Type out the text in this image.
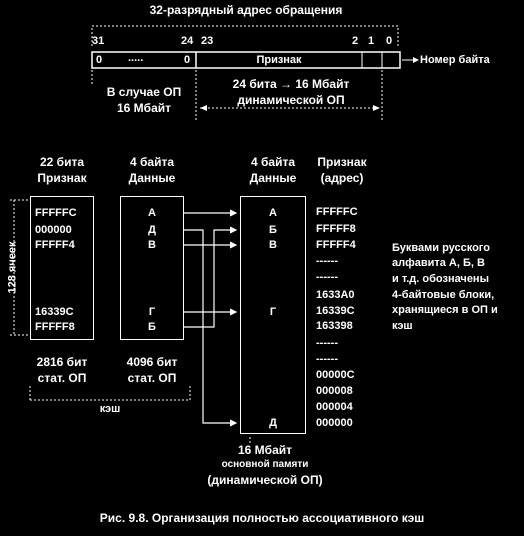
32-разрядный адрес обращения
31	24 23	2 1 0
0 .....	0	Признак	Номер байта
В случае ОП
16 Мбайт
24 бита → 16 Мбайт
динамической ОП
22 бита
Признак
4 байта
Данные
FFFFFC
000000
FFFFF4
16339C
FFFFF8
А
Д
В
Г
Б
128 ячеек
2816 бит
стат. ОП
4096 бит
стат. ОП
кэш
4 байта
Данные
Признак
(адрес)
А
Б
В
Г
Д
FFFFFC
FFFFF8
FFFFF4
------
------
1633A0
16339C
163398
------
------
00000C
000008
000004
000000
16 Мбайт
основной памяти
(динамической ОП)
Буквами русского
алфавита А, Б, В
и т.д. обозначены
4-байтовые блоки,
хранящиеся в ОП и
кэш
Рис. 9.8. Организация полностью ассоциативного кэш
